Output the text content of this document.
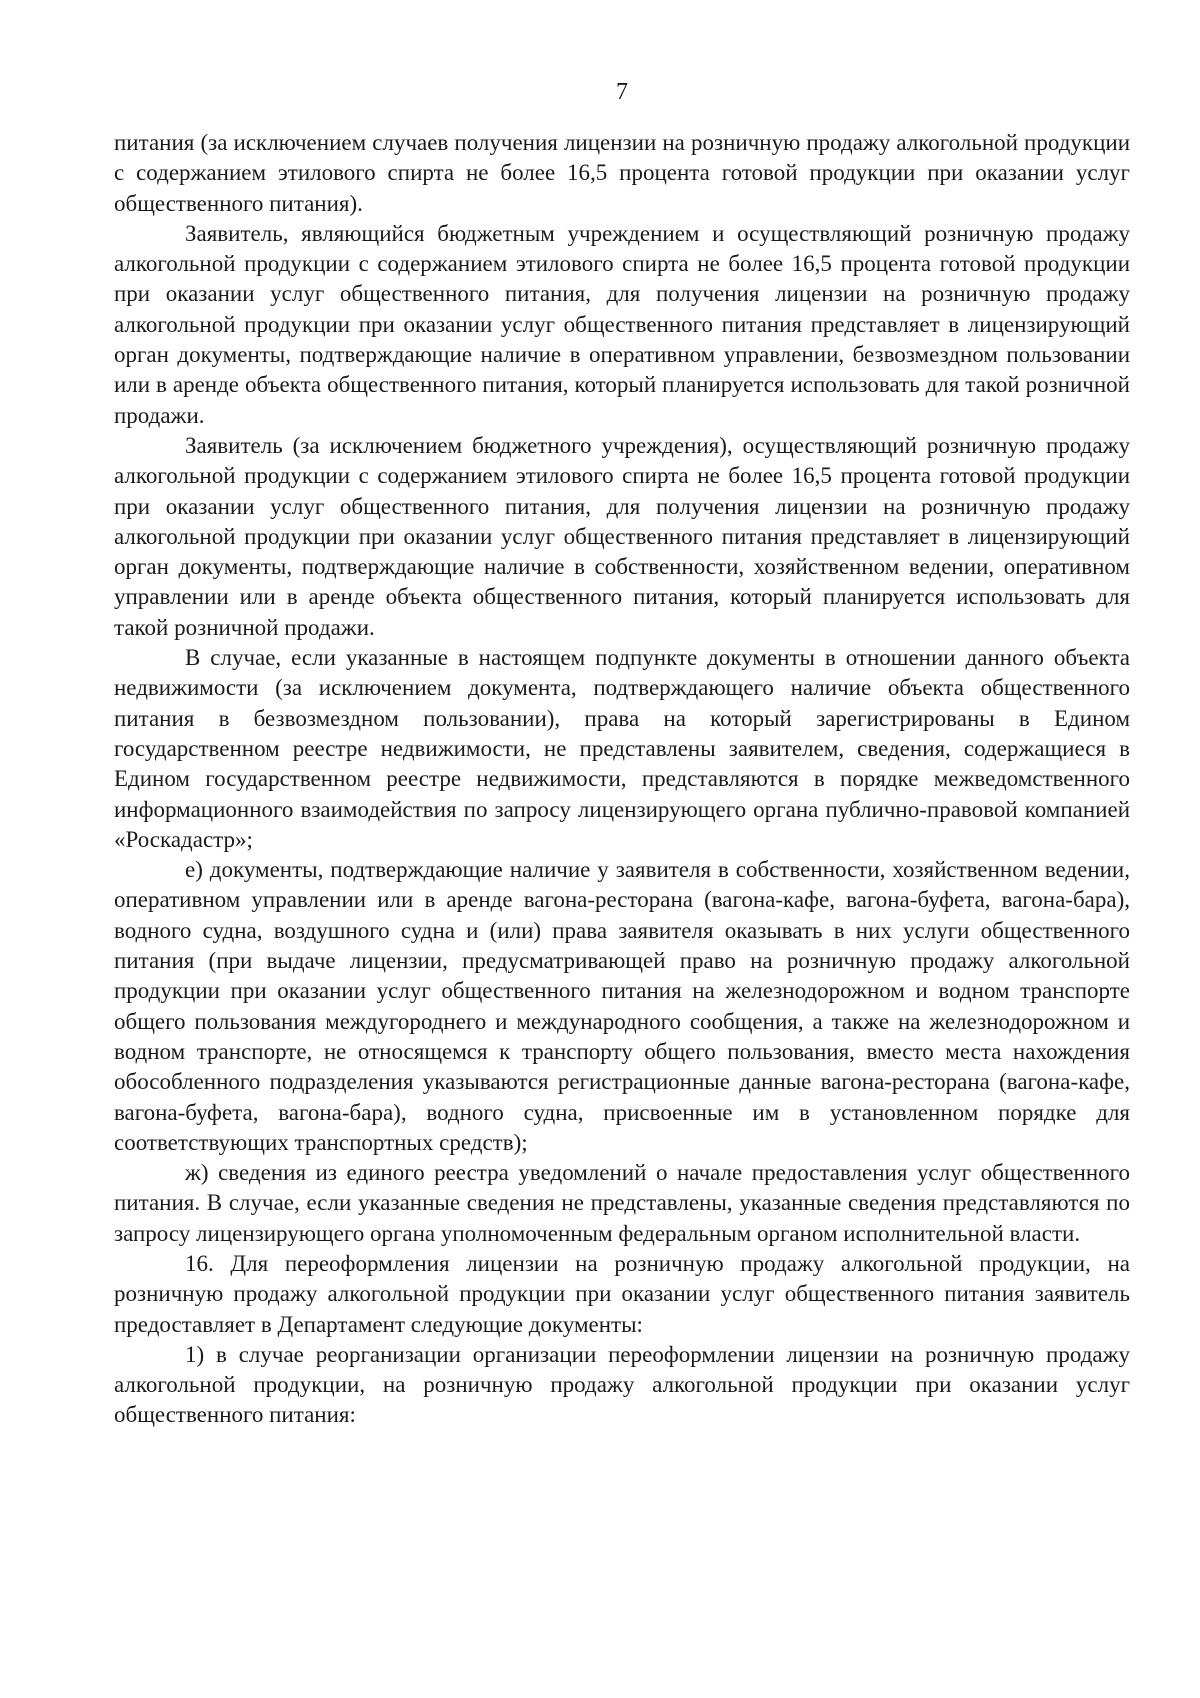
7

питания (за исключением случаев получения лицензии на розничную продажу алкогольной продукции с содержанием этилового спирта не более 16,5 процента готовой продукции при оказании услуг общественного питания).

Заявитель, являющийся бюджетным учреждением и осуществляющий розничную продажу алкогольной продукции с содержанием этилового спирта не более 16,5 процента готовой продукции при оказании услуг общественного питания, для получения лицензии на розничную продажу алкогольной продукции при оказании услуг общественного питания представляет в лицензирующий орган документы, подтверждающие наличие в оперативном управлении, безвозмездном пользовании или в аренде объекта общественного питания, который планируется использовать для такой розничной продажи.

Заявитель (за исключением бюджетного учреждения), осуществляющий розничную продажу алкогольной продукции с содержанием этилового спирта не более 16,5 процента готовой продукции при оказании услуг общественного питания, для получения лицензии на розничную продажу алкогольной продукции при оказании услуг общественного питания представляет в лицензирующий орган документы, подтверждающие наличие в собственности, хозяйственном ведении, оперативном управлении или в аренде объекта общественного питания, который планируется использовать для такой розничной продажи.

В случае, если указанные в настоящем подпункте документы в отношении данного объекта недвижимости (за исключением документа, подтверждающего наличие объекта общественного питания в безвозмездном пользовании), права на который зарегистрированы в Едином государственном реестре недвижимости, не представлены заявителем, сведения, содержащиеся в Едином государственном реестре недвижимости, представляются в порядке межведомственного информационного взаимодействия по запросу лицензирующего органа публично-правовой компанией «Роскадастр»;

е) документы, подтверждающие наличие у заявителя в собственности, хозяйственном ведении, оперативном управлении или в аренде вагона-ресторана (вагона-кафе, вагона-буфета, вагона-бара), водного судна, воздушного судна и (или) права заявителя оказывать в них услуги общественного питания (при выдаче лицензии, предусматривающей право на розничную продажу алкогольной продукции при оказании услуг общественного питания на железнодорожном и водном транспорте общего пользования междугороднего и международного сообщения, а также на железнодорожном и водном транспорте, не относящемся к транспорту общего пользования, вместо места нахождения обособленного подразделения указываются регистрационные данные вагона-ресторана (вагона-кафе, вагона-буфета, вагона-бара), водного судна, присвоенные им в установленном порядке для соответствующих транспортных средств);

ж) сведения из единого реестра уведомлений о начале предоставления услуг общественного питания. В случае, если указанные сведения не представлены, указанные сведения представляются по запросу лицензирующего органа уполномоченным федеральным органом исполнительной власти.

16. Для переоформления лицензии на розничную продажу алкогольной продукции, на розничную продажу алкогольной продукции при оказании услуг общественного питания заявитель предоставляет в Департамент следующие документы:

1) в случае реорганизации организации переоформлении лицензии на розничную продажу алкогольной продукции, на розничную продажу алкогольной продукции при оказании услуг общественного питания:
